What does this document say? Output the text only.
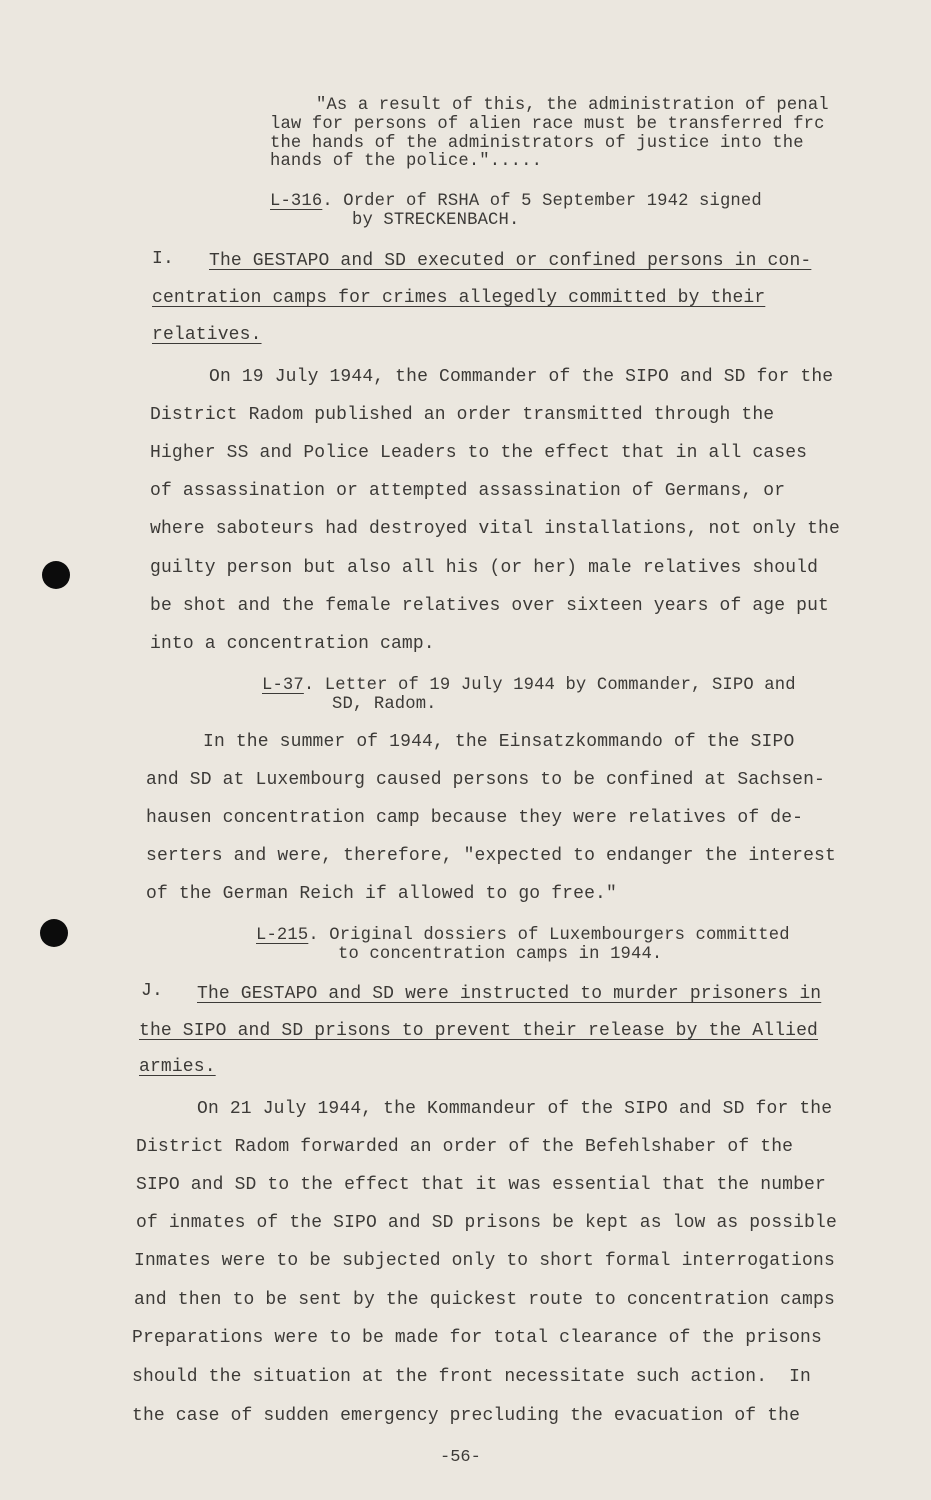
"As a result of this, the administration of penal
law for persons of alien race must be transferred frc
the hands of the administrators of justice into the
hands of the police.".....
L-316. Order of RSHA of 5 September 1942 signed
by STRECKENBACH.
I. The GESTAPO and SD executed or confined persons in con-
centration camps for crimes allegedly committed by their
relatives.
On 19 July 1944, the Commander of the SIPO and SD for the
District Radom published an order transmitted through the
Higher SS and Police Leaders to the effect that in all cases
of assassination or attempted assassination of Germans, or
where saboteurs had destroyed vital installations, not only the
guilty person but also all his (or her) male relatives should
be shot and the female relatives over sixteen years of age put
into a concentration camp.
L-37. Letter of 19 July 1944 by Commander, SIPO and
SD, Radom.
In the summer of 1944, the Einsatzkommando of the SIPO
and SD at Luxembourg caused persons to be confined at Sachsen-
hausen concentration camp because they were relatives of de-
serters and were, therefore, "expected to endanger the interest
of the German Reich if allowed to go free."
L-215. Original dossiers of Luxembourgers committed
to concentration camps in 1944.
J. The GESTAPO and SD were instructed to murder prisoners in
the SIPO and SD prisons to prevent their release by the Allied
armies.
On 21 July 1944, the Kommandeur of the SIPO and SD for the
District Radom forwarded an order of the Befehlshaber of the
SIPO and SD to the effect that it was essential that the number
of inmates of the SIPO and SD prisons be kept as low as possible
Inmates were to be subjected only to short formal interrogations
and then to be sent by the quickest route to concentration camps
Preparations were to be made for total clearance of the prisons
should the situation at the front necessitate such action.  In
the case of sudden emergency precluding the evacuation of the
-56-
